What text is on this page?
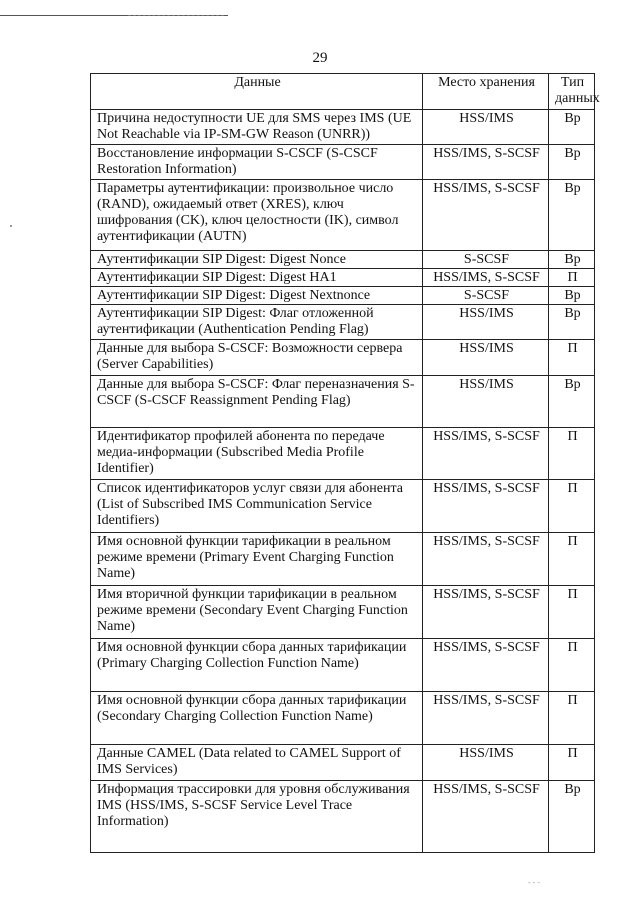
29
Данные	Место хранения	Тип данных
Причина недоступности UE для SMS через IMS (UE Not Reachable via IP-SM-GW Reason (UNRR))	HSS/IMS	Вр
Восстановление информации S-CSCF (S-CSCF Restoration Information)	HSS/IMS, S-SCSF	Вр
Параметры аутентификации: произвольное число (RAND), ожидаемый ответ (XRES), ключ шифрования (CK), ключ целостности (IK), символ аутентификации (AUTN)	HSS/IMS, S-SCSF	Вр
Аутентификации SIP Digest: Digest Nonce	S-SCSF	Вр
Аутентификации SIP Digest: Digest HA1	HSS/IMS, S-SCSF	П
Аутентификации SIP Digest: Digest Nextnonce	S-SCSF	Вр
Аутентификации SIP Digest: Флаг отложенной аутентификации (Authentication Pending Flag)	HSS/IMS	Вр
Данные для выбора S-CSCF: Возможности сервера (Server Capabilities)	HSS/IMS	П
Данные для выбора S-CSCF: Флаг переназначения S-CSCF (S-CSCF Reassignment Pending Flag)	HSS/IMS	Вр
Идентификатор профилей абонента по передаче медиа-информации (Subscribed Media Profile Identifier)	HSS/IMS, S-SCSF	П
Список идентификаторов услуг связи для абонента (List of Subscribed IMS Communication Service Identifiers)	HSS/IMS, S-SCSF	П
Имя основной функции тарификации в реальном режиме времени (Primary Event Charging Function Name)	HSS/IMS, S-SCSF	П
Имя вторичной функции тарификации в реальном режиме времени (Secondary Event Charging Function Name)	HSS/IMS, S-SCSF	П
Имя основной функции сбора данных тарификации (Primary Charging Collection Function Name)	HSS/IMS, S-SCSF	П
Имя основной функции сбора данных тарификации (Secondary Charging Collection Function Name)	HSS/IMS, S-SCSF	П
Данные CAMEL (Data related to CAMEL Support of IMS Services)	HSS/IMS	П
Информация трассировки для уровня обслуживания IMS (HSS/IMS, S-SCSF Service Level Trace Information)	HSS/IMS, S-SCSF	Вр
- - -
